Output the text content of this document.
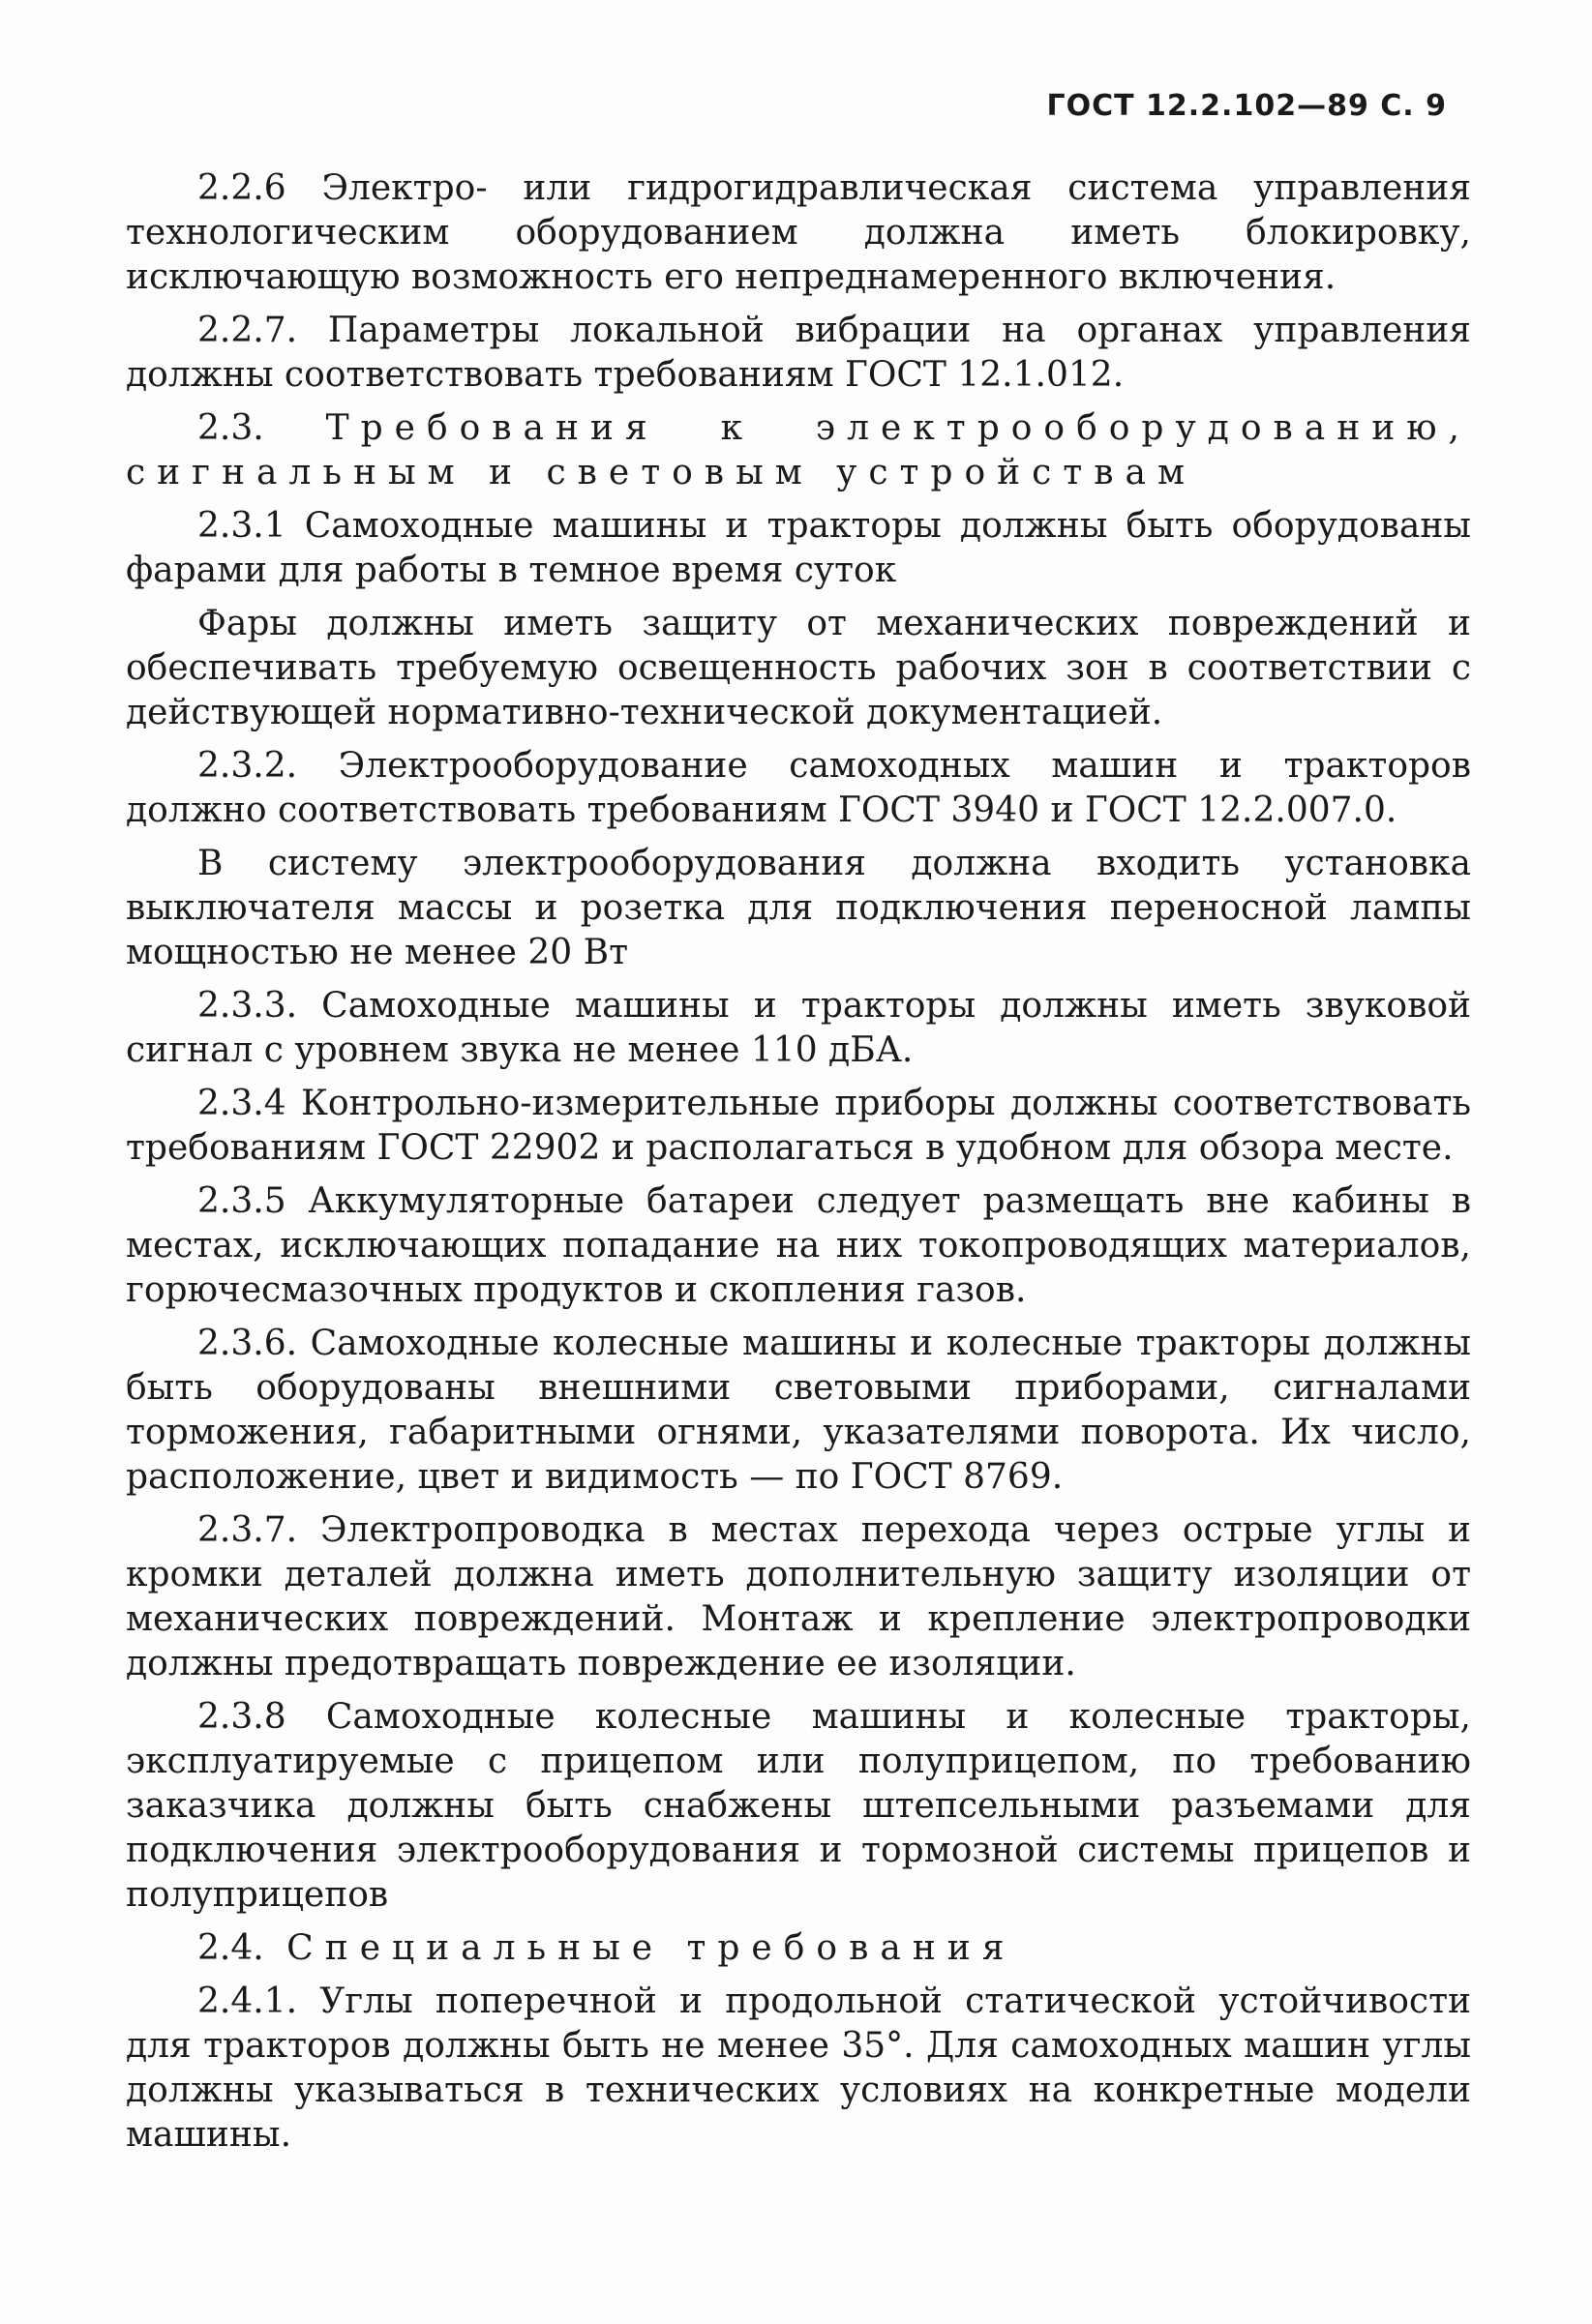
ГОСТ 12.2.102—89 С. 9

2.2.6 Электро- или гидрогидравлическая система управления технологическим оборудованием должна иметь блокировку, исключающую возможность его непреднамеренного включения.

2.2.7. Параметры локальной вибрации на органах управления должны соответствовать требованиям ГОСТ 12.1.012.

2.3. Требования к электрооборудованию, сигнальным и световым устройствам

2.3.1 Самоходные машины и тракторы должны быть оборудованы фарами для работы в темное время суток

Фары должны иметь защиту от механических повреждений и обеспечивать требуемую освещенность рабочих зон в соответствии с действующей нормативно-технической документацией.

2.3.2. Электрооборудование самоходных машин и тракторов должно соответствовать требованиям ГОСТ 3940 и ГОСТ 12.2.007.0.

В систему электрооборудования должна входить установка выключателя массы и розетка для подключения переносной лампы мощностью не менее 20 Вт

2.3.3. Самоходные машины и тракторы должны иметь звуковой сигнал с уровнем звука не менее 110 дБА.

2.3.4 Контрольно-измерительные приборы должны соответствовать требованиям ГОСТ 22902 и располагаться в удобном для обзора месте.

2.3.5 Аккумуляторные батареи следует размещать вне кабины в местах, исключающих попадание на них токопроводящих материалов, горючесмазочных продуктов и скопления газов.

2.3.6. Самоходные колесные машины и колесные тракторы должны быть оборудованы внешними световыми приборами, сигналами торможения, габаритными огнями, указателями поворота. Их число, расположение, цвет и видимость — по ГОСТ 8769.

2.3.7. Электропроводка в местах перехода через острые углы и кромки деталей должна иметь дополнительную защиту изоляции от механических повреждений. Монтаж и крепление электропроводки должны предотвращать повреждение ее изоляции.

2.3.8 Самоходные колесные машины и колесные тракторы, эксплуатируемые с прицепом или полуприцепом, по требованию заказчика должны быть снабжены штепсельными разъемами для подключения электрооборудования и тормозной системы прицепов и полуприцепов

2.4. Специальные требования

2.4.1. Углы поперечной и продольной статической устойчивости для тракторов должны быть не менее 35°. Для самоходных машин углы должны указываться в технических условиях на конкретные модели машины.
